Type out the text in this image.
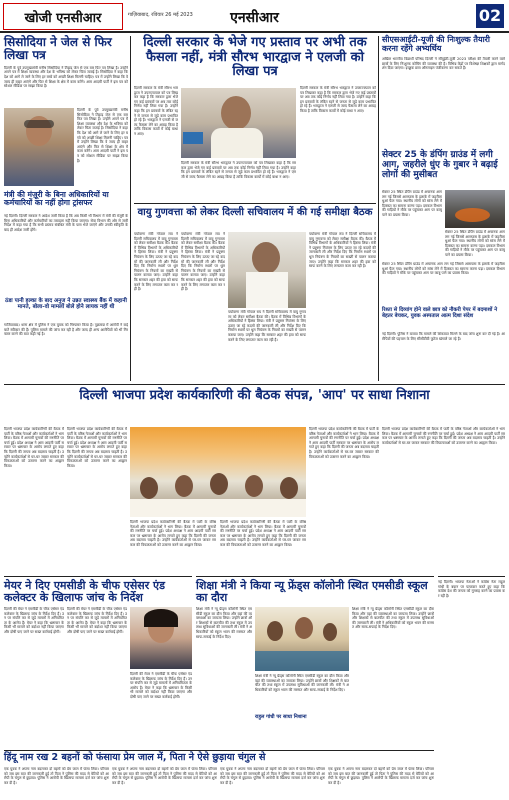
खोजी एनसीआर	गाज़ियाबाद, रविवार 26 मई 2023	एनसीआर	02
सिसोदिया ने जेल से फिर लिखा पत्र
दिल्ली के पूर्व उपमुख्यमंत्री मनीष सिसोदिया ने तिहाड़ जेल से एक बार फिर पत्र लिखा है। उन्होंने अपने पत्र में शिक्षा व्यवस्था और देश के भविष्य को लेकर चिंता जताई है। सिसोदिया ने कहा कि देश को आगे ले जाने के लिए हर बच्चे को अच्छी शिक्षा मिलनी चाहिए। पत्र में उन्होंने लिखा कि वे जल्द ही बाहर आएंगे और फिर से शिक्षा के क्षेत्र में काम करेंगे। आम आदमी पार्टी ने इस पत्र को सोशल मीडिया पर साझा किया है।
दिल्ली के पूर्व उपमुख्यमंत्री मनीष सिसोदिया ने तिहाड़ जेल से एक बार फिर पत्र लिखा है। उन्होंने अपने पत्र में शिक्षा व्यवस्था और देश के भविष्य को लेकर चिंता जताई है। सिसोदिया ने कहा कि देश को आगे ले जाने के लिए हर बच्चे को अच्छी शिक्षा मिलनी चाहिए। पत्र में उन्होंने लिखा कि वे जल्द ही बाहर आएंगे और फिर से शिक्षा के क्षेत्र में काम करेंगे। आम आदमी पार्टी ने इस पत्र को सोशल मीडिया पर साझा किया है।
मंत्री की मंज़ूरी के बिना अधिकारियों या कर्मचारियों का नहीं होगा ट्रांसफर
नई दिल्ली। दिल्ली सरकार ने आदेश जारी किया है कि अब किसी भी विभाग में मंत्री की मंजूरी के बिना अधिकारियों और कर्मचारियों का तबादला नहीं किया जाएगा। सेवा विभाग की ओर से जारी निर्देश में कहा गया है कि सभी प्रस्ताव संबंधित मंत्री के पास भेजे जाएंगे और उनकी स्वीकृति के बाद ही आदेश जारी होंगे।
ठंडा पानी हल्का के बाद अनुज ने उन्नत स्वास्थ्य बैंक में कहानी मानते, बोला-वो मामलों बोले होने लायक नहीं थी
गाजियाबाद। थाना क्षेत्र में पुलिस ने एक युवक को गिरफ्तार किया है। पूछताछ में आरोपी ने कई बातें स्वीकार की हैं। पुलिस मामले की जांच कर रही है और जल्द ही अन्य आरोपियों को भी गिरफ्तार करने की बात कही गई है।
दिल्ली सरकार के भेजे गए प्रस्ताव पर अभी तक फैसला नहीं, मंत्री सौरभ भारद्वाज ने एलजी को लिखा पत्र
दिल्ली सरकार के मंत्री सौरभ भारद्वाज ने उपराज्यपाल को पत्र लिखकर कहा है कि सरकार द्वारा भेजे गए कई प्रस्तावों पर अब तक कोई निर्णय नहीं लिया गया है। उन्होंने कहा कि इन प्रस्तावों के लंबित रहने से जनता से जुड़े काम प्रभावित हो रहे हैं। भारद्वाज ने एलजी से जल्द फैसला लेने का आग्रह किया है ताकि विकास कार्यों में कोई बाधा न आए।
दिल्ली सरकार के मंत्री सौरभ भारद्वाज ने उपराज्यपाल को पत्र लिखकर कहा है कि सरकार द्वारा भेजे गए कई प्रस्तावों पर अब तक कोई निर्णय नहीं लिया गया है। उन्होंने कहा कि इन प्रस्तावों के लंबित रहने से जनता से जुड़े काम प्रभावित हो रहे हैं। भारद्वाज ने एलजी से जल्द फैसला लेने का आग्रह किया है ताकि विकास कार्यों में कोई बाधा न आए।
दिल्ली सरकार के मंत्री सौरभ भारद्वाज ने उपराज्यपाल को पत्र लिखकर कहा है कि सरकार द्वारा भेजे गए कई प्रस्तावों पर अब तक कोई निर्णय नहीं लिया गया है। उन्होंने कहा कि इन प्रस्तावों के लंबित रहने से जनता से जुड़े काम प्रभावित हो रहे हैं। भारद्वाज ने एलजी से जल्द फैसला लेने का आग्रह किया है ताकि विकास कार्यों में कोई बाधा न आए।
सीएसआईटी-यूजी की निःशुल्क तैयारी करना रहेंगे अभ्यर्थिय
अखिल भारतीय विद्यार्थी परिषद दिल्ली ने सीयूईटी-यूजी 2023 परीक्षा की तैयारी करने वाले छात्रों के लिए निःशुल्क कोचिंग की व्यवस्था की है। विभिन्न केंद्रों पर विशेषज्ञ शिक्षकों द्वारा मार्गदर्शन दिया जाएगा। इच्छुक छात्र ऑनलाइन पंजीकरण कर सकते हैं।
सेक्टर 25 के डंपिंग ग्राउंड में लगी आग, जहरीले धुंए के गुबार ने बढ़ाई लोगों की मुसीबत
सेक्टर 25 स्थित डंपिंग ग्राउंड में अचानक आग लग गई जिससे आसपास के इलाके में जहरीला धुआं फैल गया। स्थानीय लोगों को सांस लेने में दिक्कत का सामना करना पड़ा। दमकल विभाग की गाड़ियों ने मौके पर पहुंचकर आग पर काबू पाने का प्रयास किया।
सेक्टर 25 स्थित डंपिंग ग्राउंड में अचानक आग लग गई जिससे आसपास के इलाके में जहरीला धुआं फैल गया। स्थानीय लोगों को सांस लेने में दिक्कत का सामना करना पड़ा। दमकल विभाग की गाड़ियों ने मौके पर पहुंचकर आग पर काबू पाने का प्रयास किया।
सेक्टर 25 स्थित डंपिंग ग्राउंड में अचानक आग लग गई जिससे आसपास के इलाके में जहरीला धुआं फैल गया। स्थानीय लोगों को सांस लेने में दिक्कत का सामना करना पड़ा। दमकल विभाग की गाड़ियों ने मौके पर पहुंचकर आग पर काबू पाने का प्रयास किया।
रिश्ता से दिव्यांग होने वाले छात्र को नौकरी पेपर में बदमाशों ने बेहतर बेचकर, युवक अस्पताल आत्म दिशा संदेश
नई दिल्ली। पुलिस ने बताया कि मामले की शिकायत मिलने के बाद जांच शुरू कर दी गई है। आरोपियों की पहचान के लिए सीसीटीवी फुटेज खंगाले जा रहे हैं।
वायु गुणवत्ता को लेकर दिल्ली सचिवालय में की गई समीक्षा बैठक
पर्यावरण मंत्री गोपाल राय ने दिल्ली सचिवालय में वायु गुणवत्ता को लेकर समीक्षा बैठक की। बैठक में विभिन्न विभागों के अधिकारियों ने हिस्सा लिया। मंत्री ने प्रदूषण नियंत्रण के लिए उठाए जा रहे कदमों की जानकारी ली और निर्देश दिए कि निर्माण स्थलों पर धूल नियंत्रण के नियमों का सख्ती से पालन कराया जाए। उन्होंने कहा कि सरकार शहर की हवा को साफ करने के लिए लगातार काम कर रही है।
पर्यावरण मंत्री गोपाल राय ने दिल्ली सचिवालय में वायु गुणवत्ता को लेकर समीक्षा बैठक की। बैठक में विभिन्न विभागों के अधिकारियों ने हिस्सा लिया। मंत्री ने प्रदूषण नियंत्रण के लिए उठाए जा रहे कदमों की जानकारी ली और निर्देश दिए कि निर्माण स्थलों पर धूल नियंत्रण के नियमों का सख्ती से पालन कराया जाए। उन्होंने कहा कि सरकार शहर की हवा को साफ करने के लिए लगातार काम कर रही है।
पर्यावरण मंत्री गोपाल राय ने दिल्ली सचिवालय में वायु गुणवत्ता को लेकर समीक्षा बैठक की। बैठक में विभिन्न विभागों के अधिकारियों ने हिस्सा लिया। मंत्री ने प्रदूषण नियंत्रण के लिए उठाए जा रहे कदमों की जानकारी ली और निर्देश दिए कि निर्माण स्थलों पर धूल नियंत्रण के नियमों का सख्ती से पालन कराया जाए। उन्होंने कहा कि सरकार शहर की हवा को साफ करने के लिए लगातार काम कर रही है।
पर्यावरण मंत्री गोपाल राय ने दिल्ली सचिवालय में वायु गुणवत्ता को लेकर समीक्षा बैठक की। बैठक में विभिन्न विभागों के अधिकारियों ने हिस्सा लिया। मंत्री ने प्रदूषण नियंत्रण के लिए उठाए जा रहे कदमों की जानकारी ली और निर्देश दिए कि निर्माण स्थलों पर धूल नियंत्रण के नियमों का सख्ती से पालन कराया जाए। उन्होंने कहा कि सरकार शहर की हवा को साफ करने के लिए लगातार काम कर रही है।
दिल्ली भाजपा प्रदेश कार्यकारिणी की बैठक संपन्न, 'आप' पर साधा निशाना
दिल्ली भाजपा प्रदेश कार्यकारिणी की बैठक में पार्टी के वरिष्ठ नेताओं और कार्यकर्ताओं ने भाग लिया। बैठक में आगामी चुनावों की रणनीति पर चर्चा हुई। प्रदेश अध्यक्ष ने आम आदमी पार्टी सरकार पर भ्रष्टाचार के आरोप लगाते हुए कहा कि दिल्ली की जनता अब बदलाव चाहती है। उन्होंने कार्यकर्ताओं से घर-घर जाकर सरकार की विफलताओं को उजागर करने का आह्वान किया।
दिल्ली भाजपा प्रदेश कार्यकारिणी की बैठक में पार्टी के वरिष्ठ नेताओं और कार्यकर्ताओं ने भाग लिया। बैठक में आगामी चुनावों की रणनीति पर चर्चा हुई। प्रदेश अध्यक्ष ने आम आदमी पार्टी सरकार पर भ्रष्टाचार के आरोप लगाते हुए कहा कि दिल्ली की जनता अब बदलाव चाहती है। उन्होंने कार्यकर्ताओं से घर-घर जाकर सरकार की विफलताओं को उजागर करने का आह्वान किया।
दिल्ली भाजपा प्रदेश कार्यकारिणी की बैठक में पार्टी के वरिष्ठ नेताओं और कार्यकर्ताओं ने भाग लिया। बैठक में आगामी चुनावों की रणनीति पर चर्चा हुई। प्रदेश अध्यक्ष ने आम आदमी पार्टी सरकार पर भ्रष्टाचार के आरोप लगाते हुए कहा कि दिल्ली की जनता अब बदलाव चाहती है। उन्होंने कार्यकर्ताओं से घर-घर जाकर सरकार की विफलताओं को उजागर करने का आह्वान किया।
दिल्ली भाजपा प्रदेश कार्यकारिणी की बैठक में पार्टी के वरिष्ठ नेताओं और कार्यकर्ताओं ने भाग लिया। बैठक में आगामी चुनावों की रणनीति पर चर्चा हुई। प्रदेश अध्यक्ष ने आम आदमी पार्टी सरकार पर भ्रष्टाचार के आरोप लगाते हुए कहा कि दिल्ली की जनता अब बदलाव चाहती है। उन्होंने कार्यकर्ताओं से घर-घर जाकर सरकार की विफलताओं को उजागर करने का आह्वान किया।
दिल्ली भाजपा प्रदेश कार्यकारिणी की बैठक में पार्टी के वरिष्ठ नेताओं और कार्यकर्ताओं ने भाग लिया। बैठक में आगामी चुनावों की रणनीति पर चर्चा हुई। प्रदेश अध्यक्ष ने आम आदमी पार्टी सरकार पर भ्रष्टाचार के आरोप लगाते हुए कहा कि दिल्ली की जनता अब बदलाव चाहती है। उन्होंने कार्यकर्ताओं से घर-घर जाकर सरकार की विफलताओं को उजागर करने का आह्वान किया।
दिल्ली भाजपा प्रदेश कार्यकारिणी की बैठक में पार्टी के वरिष्ठ नेताओं और कार्यकर्ताओं ने भाग लिया। बैठक में आगामी चुनावों की रणनीति पर चर्चा हुई। प्रदेश अध्यक्ष ने आम आदमी पार्टी सरकार पर भ्रष्टाचार के आरोप लगाते हुए कहा कि दिल्ली की जनता अब बदलाव चाहती है। उन्होंने कार्यकर्ताओं से घर-घर जाकर सरकार की विफलताओं को उजागर करने का आह्वान किया।
मेयर ने दिए एमसीडी के चीफ एसेसर एंड कलेक्टर के खिलाफ जांच के निर्देश
दिल्ली की मेयर ने एमसीडी के चीफ एसेसर एंड कलेक्टर के खिलाफ जांच के निर्देश दिए हैं। उन पर संपत्ति कर से जुड़े मामलों में अनियमितता के आरोप हैं। मेयर ने कहा कि भ्रष्टाचार के किसी भी मामले को बर्दाश्त नहीं किया जाएगा और दोषी पाए जाने पर सख्त कार्रवाई होगी।
दिल्ली की मेयर ने एमसीडी के चीफ एसेसर एंड कलेक्टर के खिलाफ जांच के निर्देश दिए हैं। उन पर संपत्ति कर से जुड़े मामलों में अनियमितता के आरोप हैं। मेयर ने कहा कि भ्रष्टाचार के किसी भी मामले को बर्दाश्त नहीं किया जाएगा और दोषी पाए जाने पर सख्त कार्रवाई होगी।
दिल्ली की मेयर ने एमसीडी के चीफ एसेसर एंड कलेक्टर के खिलाफ जांच के निर्देश दिए हैं। उन पर संपत्ति कर से जुड़े मामलों में अनियमितता के आरोप हैं। मेयर ने कहा कि भ्रष्टाचार के किसी भी मामले को बर्दाश्त नहीं किया जाएगा और दोषी पाए जाने पर सख्त कार्रवाई होगी।
शिक्षा मंत्री ने किया न्यू फ्रेंड्स कॉलोनी स्थित एमसीडी स्कूल का दौरा
शिक्षा मंत्री ने न्यू फ्रेंड्स कॉलोनी स्थित एमसीडी स्कूल का दौरा किया और वहां की व्यवस्थाओं का जायजा लिया। उन्होंने छात्रों और शिक्षकों से बातचीत की तथा स्कूल में उपलब्ध सुविधाओं की जानकारी ली। मंत्री ने अधिकारियों को स्कूल भवन की मरम्मत और साफ-सफाई के निर्देश दिए।
शिक्षा मंत्री ने न्यू फ्रेंड्स कॉलोनी स्थित एमसीडी स्कूल का दौरा किया और वहां की व्यवस्थाओं का जायजा लिया। उन्होंने छात्रों और शिक्षकों से बातचीत की तथा स्कूल में उपलब्ध सुविधाओं की जानकारी ली। मंत्री ने अधिकारियों को स्कूल भवन की मरम्मत और साफ-सफाई के निर्देश दिए।
राहुल गांधी पर साधा निशाना
शिक्षा मंत्री ने न्यू फ्रेंड्स कॉलोनी स्थित एमसीडी स्कूल का दौरा किया और वहां की व्यवस्थाओं का जायजा लिया। उन्होंने छात्रों और शिक्षकों से बातचीत की तथा स्कूल में उपलब्ध सुविधाओं की जानकारी ली। मंत्री ने अधिकारियों को स्कूल भवन की मरम्मत और साफ-सफाई के निर्देश दिए।
नई दिल्ली। भाजपा नेताओं ने कांग्रेस नेता राहुल गांधी के बयान पर पलटवार करते हुए कहा कि कांग्रेस देश की जनता को गुमराह करने का प्रयास कर रही है।
हिंदू नाम रख 2 बहनों को फंसाया प्रेम जाल में, पिता ने ऐसे छुड़ाया चंगुल से
एक युवक ने अपना नाम बदलकर दो बहनों को प्रेम जाल में फंसा लिया। परिवार को जब इस बात की जानकारी हुई तो पिता ने पुलिस की मदद से बेटियों को आरोपी के चंगुल से छुड़ाया। पुलिस ने आरोपी के खिलाफ मामला दर्ज कर जांच शुरू कर दी है।
एक युवक ने अपना नाम बदलकर दो बहनों को प्रेम जाल में फंसा लिया। परिवार को जब इस बात की जानकारी हुई तो पिता ने पुलिस की मदद से बेटियों को आरोपी के चंगुल से छुड़ाया। पुलिस ने आरोपी के खिलाफ मामला दर्ज कर जांच शुरू कर दी है।
एक युवक ने अपना नाम बदलकर दो बहनों को प्रेम जाल में फंसा लिया। परिवार को जब इस बात की जानकारी हुई तो पिता ने पुलिस की मदद से बेटियों को आरोपी के चंगुल से छुड़ाया। पुलिस ने आरोपी के खिलाफ मामला दर्ज कर जांच शुरू कर दी है।
एक युवक ने अपना नाम बदलकर दो बहनों को प्रेम जाल में फंसा लिया। परिवार को जब इस बात की जानकारी हुई तो पिता ने पुलिस की मदद से बेटियों को आरोपी के चंगुल से छुड़ाया। पुलिस ने आरोपी के खिलाफ मामला दर्ज कर जांच शुरू कर दी है।
